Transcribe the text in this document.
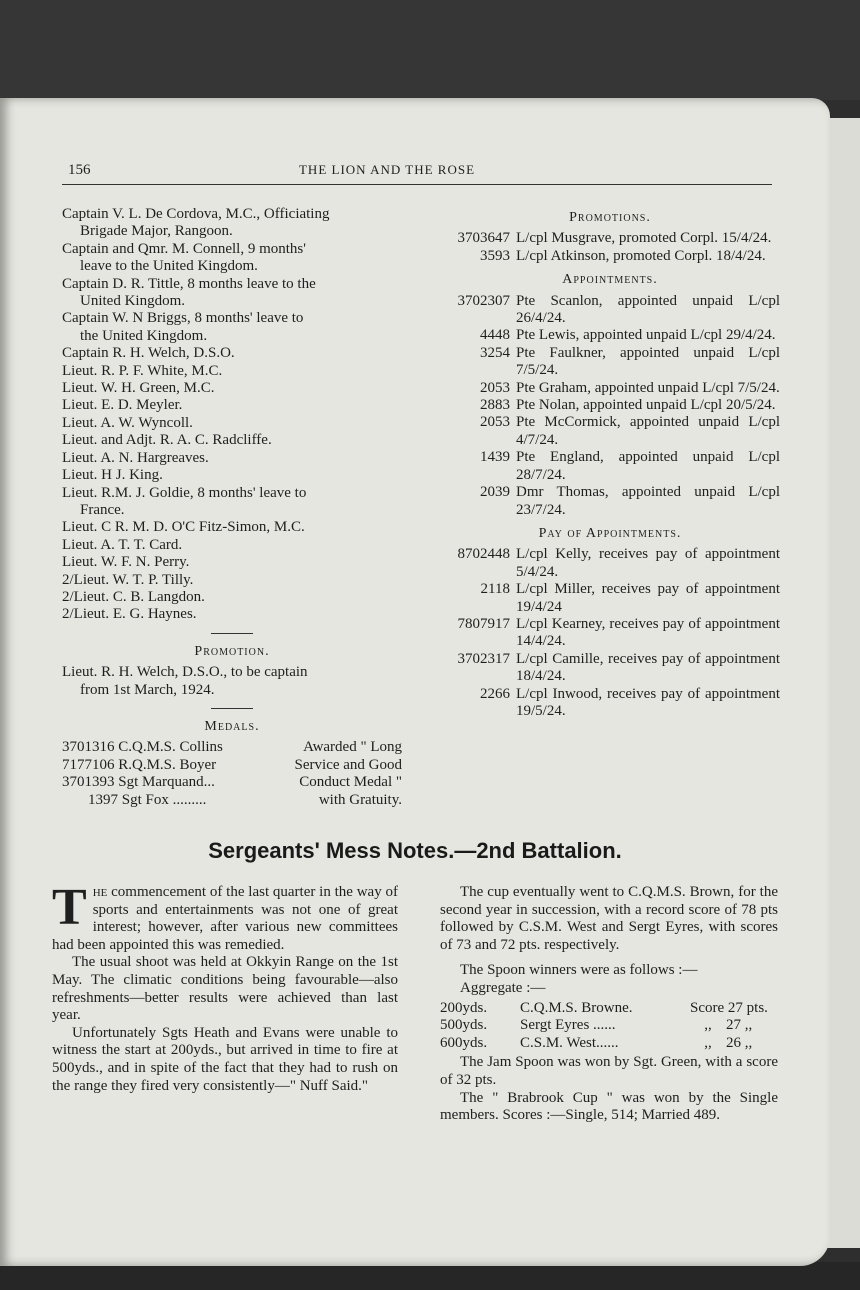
156	THE LION AND THE ROSE
Captain V. L. De Cordova, M.C., Officiating
Brigade Major, Rangoon.
Captain and Qmr. M. Connell, 9 months'
leave to the United Kingdom.
Captain D. R. Tittle, 8 months leave to the
United Kingdom.
Captain W. N Briggs, 8 months' leave to
the United Kingdom.
Captain R. H. Welch, D.S.O.
Lieut. R. P. F. White, M.C.
Lieut. W. H. Green, M.C.
Lieut. E. D. Meyler.
Lieut. A. W. Wyncoll.
Lieut. and Adjt. R. A. C. Radcliffe.
Lieut. A. N. Hargreaves.
Lieut. H J. King.
Lieut. R.M. J. Goldie, 8 months' leave to
France.
Lieut. C R. M. D. O'C Fitz-Simon, M.C.
Lieut. A. T. T. Card.
Lieut. W. F. N. Perry.
2/Lieut. W. T. P. Tilly.
2/Lieut. C. B. Langdon.
2/Lieut. E. G. Haynes.
Promotion.
Lieut. R. H. Welch, D.S.O., to be captain
from 1st March, 1924.
Medals.
3701316 C.Q.M.S. Collins	Awarded " Long
7177106 R.Q.M.S. Boyer	Service and Good
3701393 Sgt Marquand...	Conduct Medal "
1397 Sgt Fox .........	with Gratuity.
Promotions.
3703647 L/cpl Musgrave, promoted Corpl. 15/4/24.
3593 L/cpl Atkinson, promoted Corpl. 18/4/24.
Appointments.
3702307 Pte Scanlon, appointed unpaid L/cpl 26/4/24.
4448 Pte Lewis, appointed unpaid L/cpl 29/4/24.
3254 Pte Faulkner, appointed unpaid L/cpl 7/5/24.
2053 Pte Graham, appointed unpaid L/cpl 7/5/24.
2883 Pte Nolan, appointed unpaid L/cpl 20/5/24.
2053 Pte McCormick, appointed unpaid L/cpl 4/7/24.
1439 Pte England, appointed unpaid L/cpl 28/7/24.
2039 Dmr Thomas, appointed unpaid L/cpl 23/7/24.
Pay of Appointments.
8702448 L/cpl Kelly, receives pay of appointment 5/4/24.
2118 L/cpl Miller, receives pay of appointment 19/4/24
7807917 L/cpl Kearney, receives pay of appointment 14/4/24.
3702317 L/cpl Camille, receives pay of appointment 18/4/24.
2266 L/cpl Inwood, receives pay of appointment 19/5/24.
Sergeants' Mess Notes.—2nd Battalion.

The commencement of the last quarter in the way of sports and entertainments was not one of great interest; however, after various new committees had been appointed this was remedied.

The usual shoot was held at Okkyin Range on the 1st May. The climatic conditions being favourable—also refreshments—better results were achieved than last year.

Unfortunately Sgts Heath and Evans were unable to witness the start at 200yds., but arrived in time to fire at 500yds., and in spite of the fact that they had to rush on the range they fired very consistently—" Nuff Said."

The cup eventually went to C.Q.M.S. Brown, for the second year in succession, with a record score of 78 pts followed by C.S.M. West and Sergt Eyres, with scores of 73 and 72 pts. respectively.

The Spoon winners were as follows :—

Aggregate :—

200yds.	C.Q.M.S. Browne.	Score 27 pts.
500yds.	Sergt Eyres ......	,, 27 ,,
600yds.	C.S.M. West......	,, 26 ,,

The Jam Spoon was won by Sgt. Green, with a score of 32 pts.

The " Brabrook Cup " was won by the Single members. Scores :—Single, 514; Married 489.
